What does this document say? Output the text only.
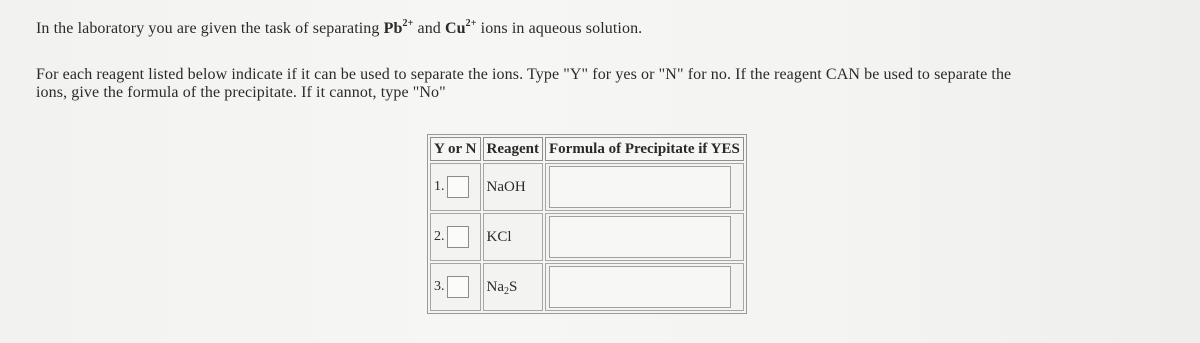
In the laboratory you are given the task of separating $Pb^{2+}$ and $Cu^{2+}$ ions in aqueous solution.
For each reagent listed below indicate if it can be used to separate the ions. Type "Y" for yes or "N" for no. If the reagent CAN be used to separate the
ions, give the formula of the precipitate. If it cannot, type "No"
Y or N	Reagent	Formula of Precipitate if YES
1.	NaOH	
2.	KCl	
3.	$Na_2S$	
